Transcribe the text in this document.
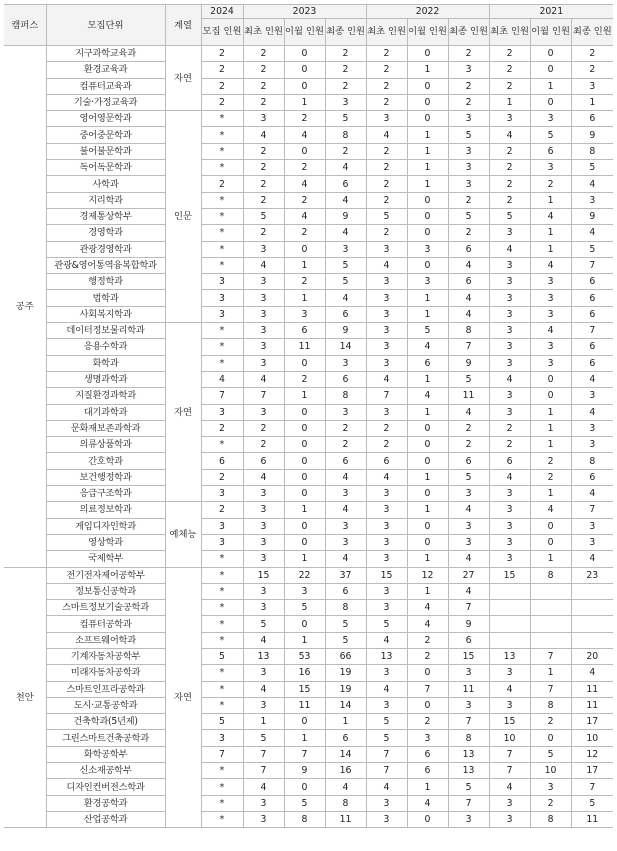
캠퍼스	모집단위	계열	2024	2023			2022			2021		
			모집 인원	최초 인원	이월 인원	최종 인원	최초 인원	이월 인원	최종 인원	최초 인원	이월 인원	최종 인원
공주	지구과학교육과	자연	2	2	0	2	2	0	2	2	0	2
	환경교육과		2	2	0	2	2	1	3	2	0	2
	컴퓨터교육과		2	2	0	2	2	0	2	2	1	3
	기술·가정교육과		2	2	1	3	2	0	2	1	0	1
	영어영문학과	인문	*	3	2	5	3	0	3	3	3	6
	중어중문학과		*	4	4	8	4	1	5	4	5	9
	불어불문학과		*	2	0	2	2	1	3	2	6	8
	독어독문학과		*	2	2	4	2	1	3	2	3	5
	사학과		2	2	4	6	2	1	3	2	2	4
	지리학과		*	2	2	4	2	0	2	2	1	3
	경제통상학부		*	5	4	9	5	0	5	5	4	9
	경영학과		*	2	2	4	2	0	2	3	1	4
	관광경영학과		*	3	0	3	3	3	6	4	1	5
	관광&영어통역융복합학과		*	4	1	5	4	0	4	3	4	7
	행정학과		3	3	2	5	3	3	6	3	3	6
	법학과		3	3	1	4	3	1	4	3	3	6
	사회복지학과		3	3	3	6	3	1	4	3	3	6
	데이터정보물리학과	자연	*	3	6	9	3	5	8	3	4	7
	응용수학과		*	3	11	14	3	4	7	3	3	6
	화학과		*	3	0	3	3	6	9	3	3	6
	생명과학과		4	4	2	6	4	1	5	4	0	4
	지질환경과학과		7	7	1	8	7	4	11	3	0	3
	대기과학과		3	3	0	3	3	1	4	3	1	4
	문화재보존과학과		2	2	0	2	2	0	2	2	1	3
	의류상품학과		*	2	0	2	2	0	2	2	1	3
	간호학과		6	6	0	6	6	0	6	6	2	8
	보건행정학과		2	4	0	4	4	1	5	4	2	6
	응급구조학과		3	3	0	3	3	0	3	3	1	4
	의료정보학과	예체능	2	3	1	4	3	1	4	3	4	7
	게임디자인학과		3	3	0	3	3	0	3	3	0	3
	영상학과		3	3	0	3	3	0	3	3	0	3
	국제학부		*	3	1	4	3	1	4	3	1	4
천안	전기전자제어공학부	자연	*	15	22	37	15	12	27	15	8	23
	정보통신공학과		*	3	3	6	3	1	4			
	스마트정보기술공학과		*	3	5	8	3	4	7			
	컴퓨터공학과		*	5	0	5	5	4	9			
	소프트웨어학과		*	4	1	5	4	2	6			
	기계자동차공학부		5	13	53	66	13	2	15	13	7	20
	미래자동차공학과		*	3	16	19	3	0	3	3	1	4
	스마트인프라공학과		*	4	15	19	4	7	11	4	7	11
	도시·교통공학과		*	3	11	14	3	0	3	3	8	11
	건축학과(5년제)		5	1	0	1	5	2	7	15	2	17
	그린스마트건축공학과		3	5	1	6	5	3	8	10	0	10
	화학공학부		7	7	7	14	7	6	13	7	5	12
	신소재공학부		*	7	9	16	7	6	13	7	10	17
	디자인컨버전스학과		*	4	0	4	4	1	5	4	3	7
	환경공학과		*	3	5	8	3	4	7	3	2	5
	산업공학과		*	3	8	11	3	0	3	3	8	11
